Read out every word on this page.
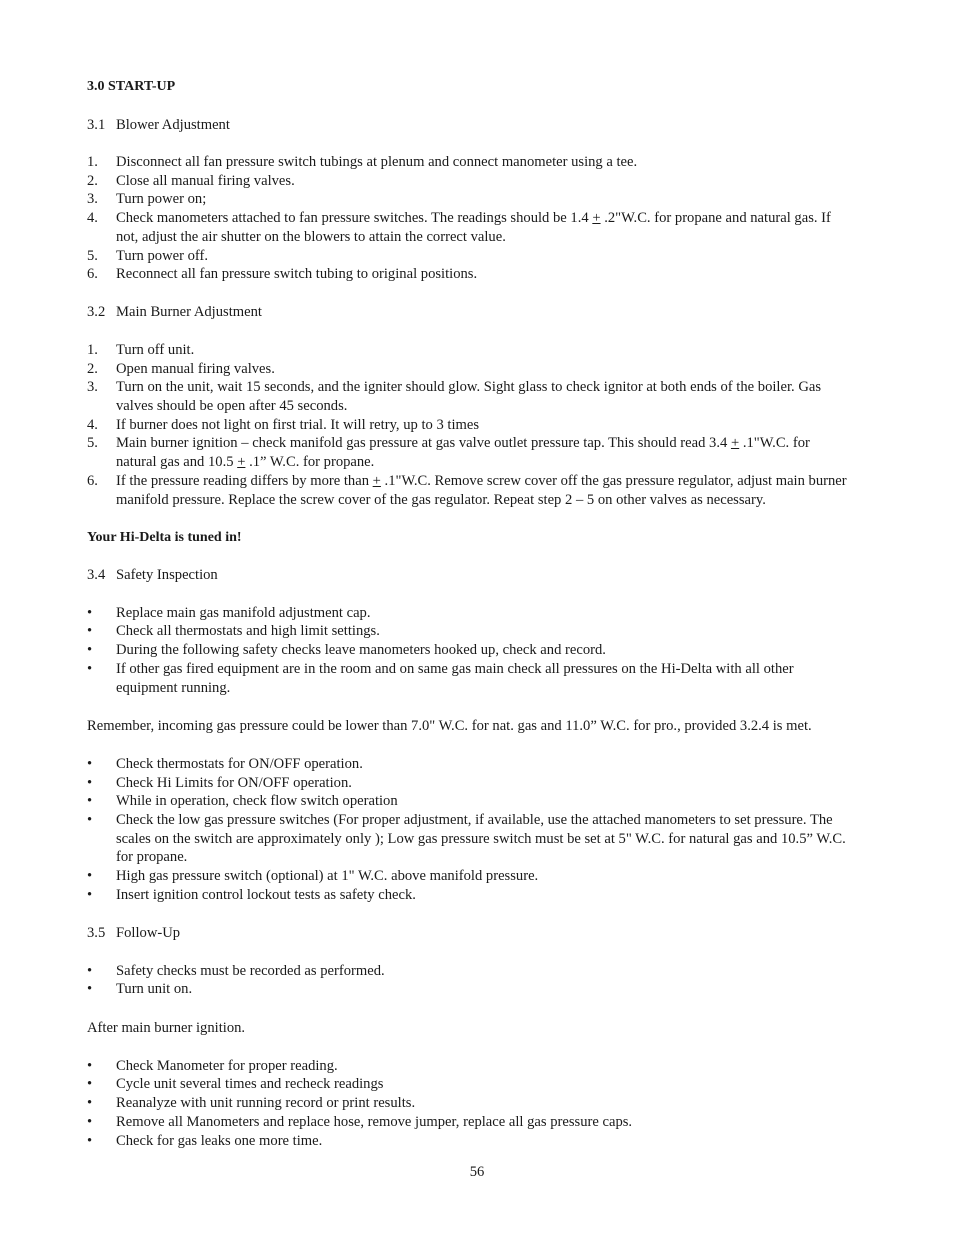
3.0 START-UP
3.1 Blower Adjustment
1. Disconnect all fan pressure switch tubings at plenum and connect manometer using a tee.
2. Close all manual firing valves.
3. Turn power on;
4. Check manometers attached to fan pressure switches. The readings should be 1.4 + .2"W.C. for propane and natural gas. If not, adjust the air shutter on the blowers to attain the correct value.
5. Turn power off.
6. Reconnect all fan pressure switch tubing to original positions.
3.2 Main Burner Adjustment
1. Turn off unit.
2. Open manual firing valves.
3. Turn on the unit, wait 15 seconds, and the igniter should glow. Sight glass to check ignitor at both ends of the boiler. Gas valves should be open after 45 seconds.
4. If burner does not light on first trial. It will retry, up to 3 times
5. Main burner ignition – check manifold gas pressure at gas valve outlet pressure tap. This should read 3.4 + .1"W.C. for natural gas and 10.5 + .1” W.C. for propane.
6. If the pressure reading differs by more than + .1"W.C. Remove screw cover off the gas pressure regulator, adjust main burner manifold pressure. Replace the screw cover of the gas regulator. Repeat step 2 – 5 on other valves as necessary.
Your Hi-Delta is tuned in!
3.4 Safety Inspection
• Replace main gas manifold adjustment cap.
• Check all thermostats and high limit settings.
• During the following safety checks leave manometers hooked up, check and record.
• If other gas fired equipment are in the room and on same gas main check all pressures on the Hi-Delta with all other equipment running.
Remember, incoming gas pressure could be lower than 7.0" W.C. for nat. gas and 11.0” W.C. for pro., provided 3.2.4 is met.
• Check thermostats for ON/OFF operation.
• Check Hi Limits for ON/OFF operation.
• While in operation, check flow switch operation
• Check the low gas pressure switches (For proper adjustment, if available, use the attached manometers to set pressure. The scales on the switch are approximately only ); Low gas pressure switch must be set at 5" W.C. for natural gas and 10.5” W.C. for propane.
• High gas pressure switch (optional) at 1" W.C. above manifold pressure.
• Insert ignition control lockout tests as safety check.
3.5 Follow-Up
• Safety checks must be recorded as performed.
• Turn unit on.
After main burner ignition.
• Check Manometer for proper reading.
• Cycle unit several times and recheck readings
• Reanalyze with unit running record or print results.
• Remove all Manometers and replace hose, remove jumper, replace all gas pressure caps.
• Check for gas leaks one more time.
56
